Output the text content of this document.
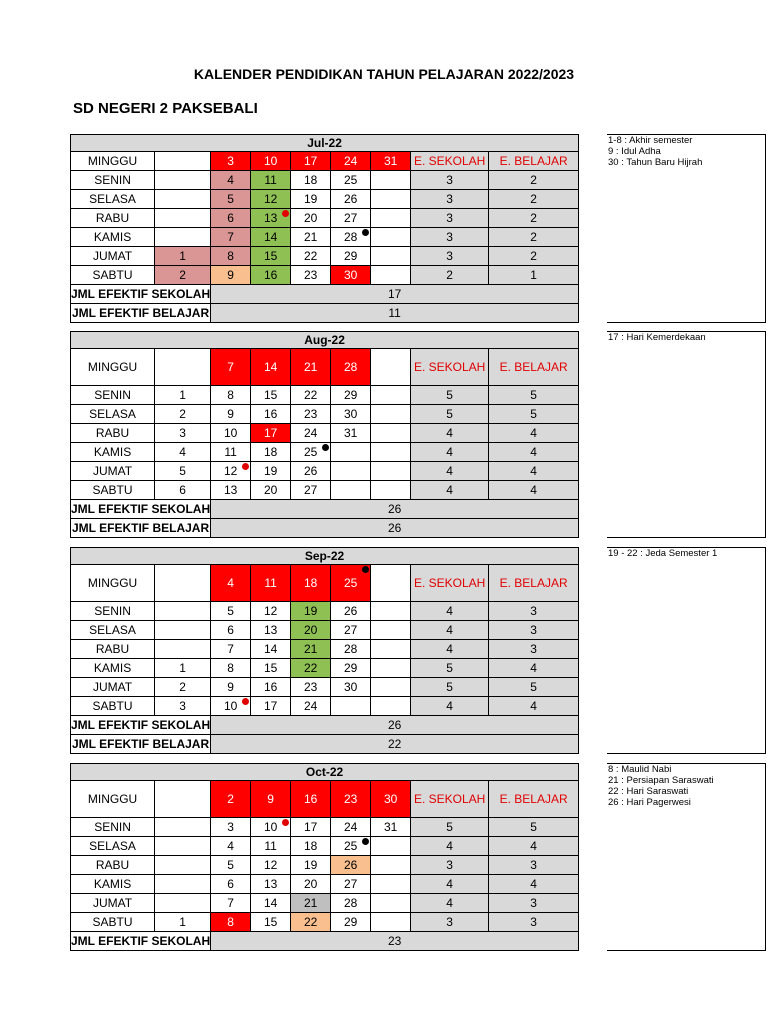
KALENDER PENDIDIKAN TAHUN PELAJARAN 2022/2023
SD NEGERI 2 PAKSEBALI
Jul-22								
MINGGU		3	10	17	24	31	E. SEKOLAH	E. BELAJAR
SENIN		4	11	18	25		3	2
SELASA		5	12	19	26		3	2
RABU		6	13	20	27		3	2
KAMIS		7	14	21	28		3	2
JUMAT	1	8	15	22	29		3	2
SABTU	2	9	16	23	30		2	1
JML EFEKTIF SEKOLAH		17						
JML EFEKTIF BELAJAR		11						
1-8 : Akhir semester
9 : Idul Adha
30 : Tahun Baru Hijrah
Aug-22								
MINGGU		7	14	21	28		E. SEKOLAH	E. BELAJAR
SENIN	1	8	15	22	29		5	5
SELASA	2	9	16	23	30		5	5
RABU	3	10	17	24	31		4	4
KAMIS	4	11	18	25			4	4
JUMAT	5	12	19	26			4	4
SABTU	6	13	20	27			4	4
JML EFEKTIF SEKOLAH		26						
JML EFEKTIF BELAJAR		26						
17 : Hari Kemerdekaan
Sep-22								
MINGGU		4	11	18	25		E. SEKOLAH	E. BELAJAR
SENIN		5	12	19	26		4	3
SELASA		6	13	20	27		4	3
RABU		7	14	21	28		4	3
KAMIS	1	8	15	22	29		5	4
JUMAT	2	9	16	23	30		5	5
SABTU	3	10	17	24			4	4
JML EFEKTIF SEKOLAH		26						
JML EFEKTIF BELAJAR		22						
19 - 22 : Jeda Semester 1
Oct-22								
MINGGU		2	9	16	23	30	E. SEKOLAH	E. BELAJAR
SENIN		3	10	17	24	31	5	5
SELASA		4	11	18	25		4	4
RABU		5	12	19	26		3	3
KAMIS		6	13	20	27		4	4
JUMAT		7	14	21	28		4	3
SABTU	1	8	15	22	29		3	3
JML EFEKTIF SEKOLAH		23						
8 : Maulid Nabi
21 : Persiapan Saraswati
22 : Hari Saraswati
26 : Hari Pagerwesi
